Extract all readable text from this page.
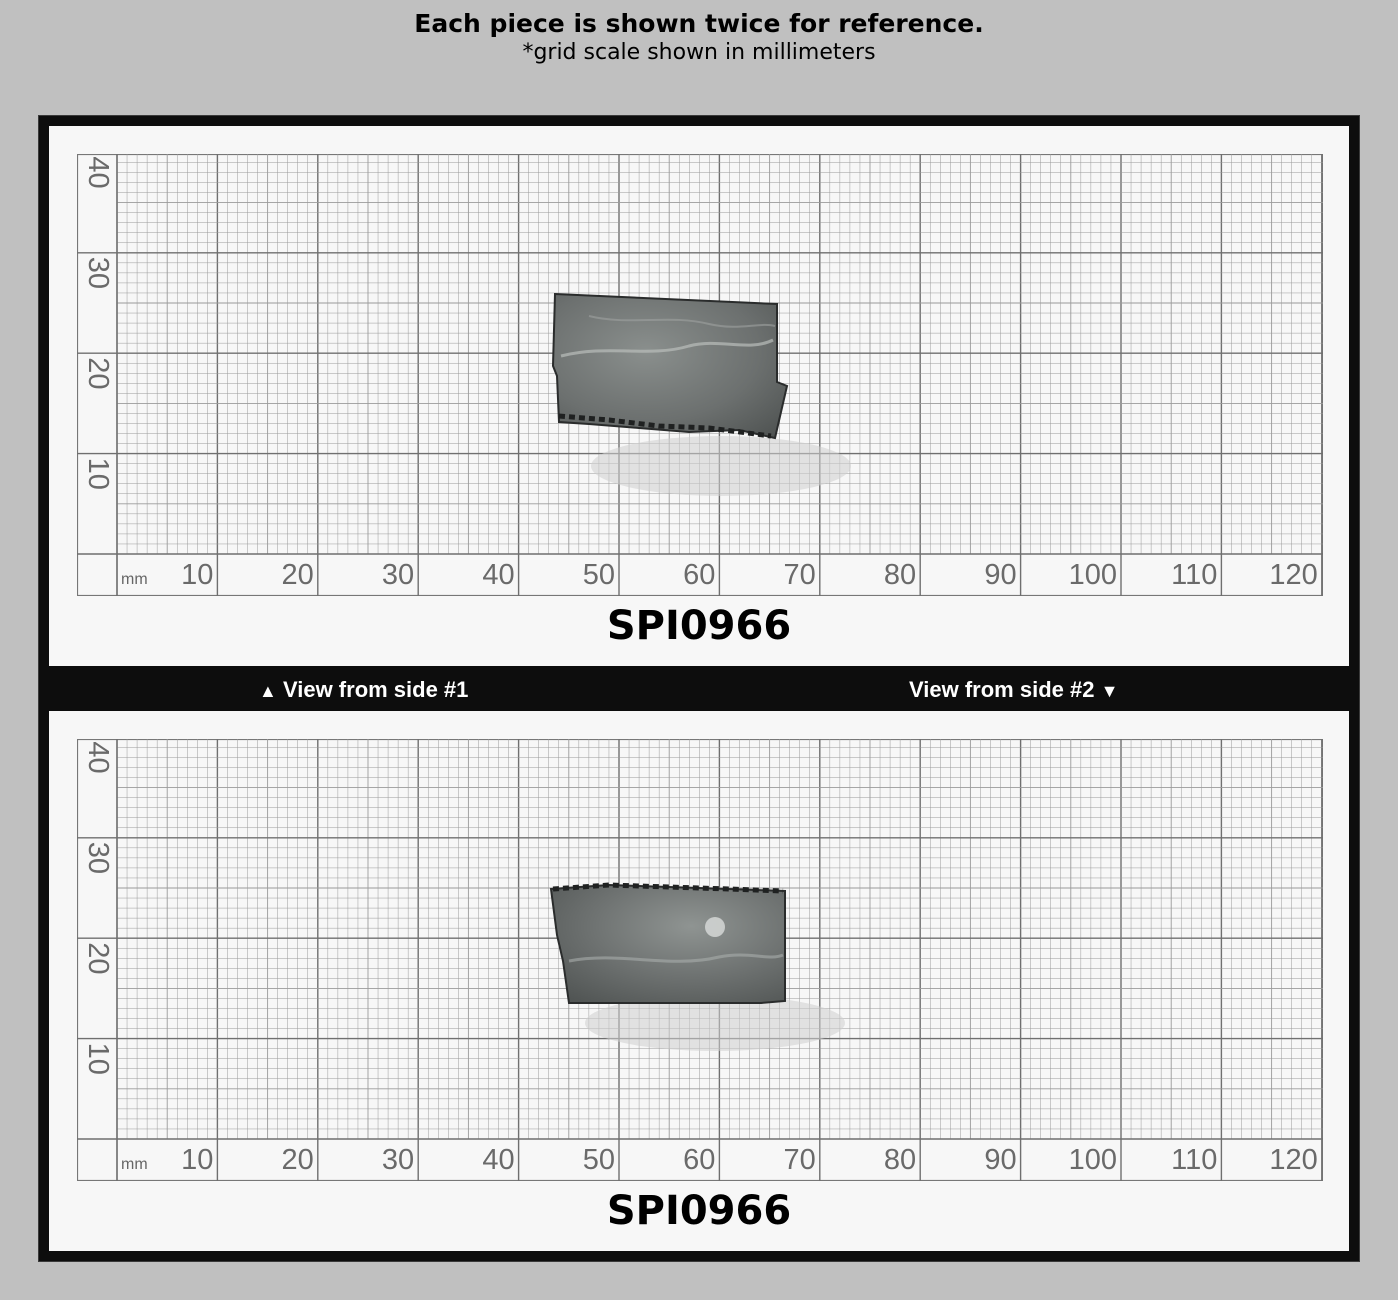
Each piece is shown twice for reference.
*grid scale shown in millimeters
mm 10 20 30 40 50 60 70 80 90 100 110 120
10
20
30
40
SPI0966
▲ View from side #1	View from side #2 ▼
mm 10 20 30 40 50 60 70 80 90 100 110 120
10
20
30
40
SPI0966
